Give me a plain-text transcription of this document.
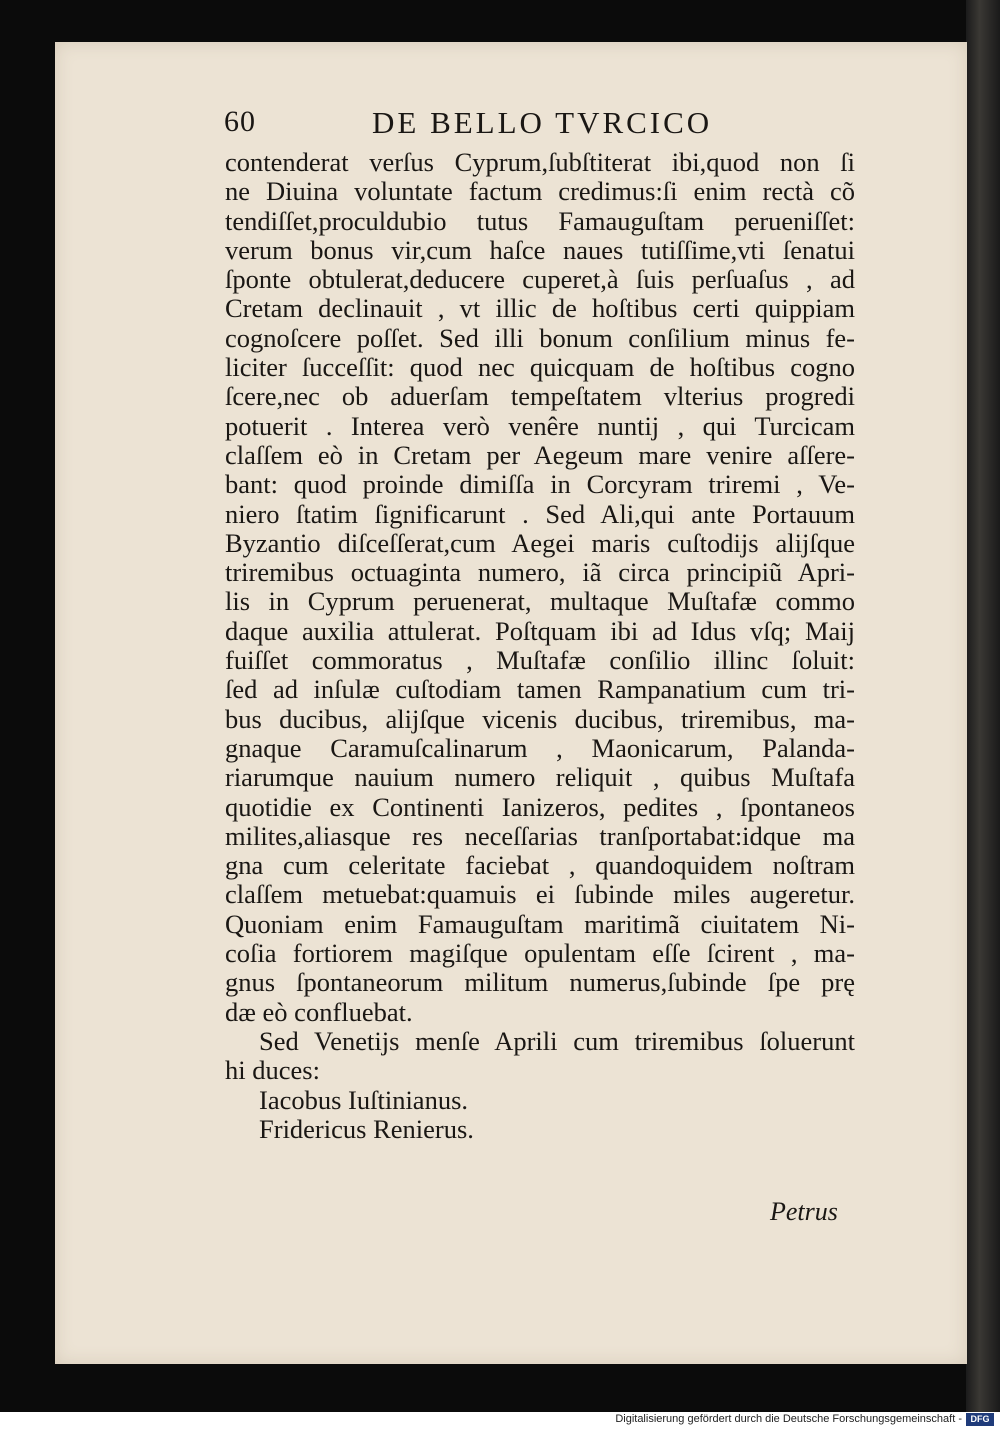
60	DE BELLO TVRCICO
contenderat verſus Cyprum,ſubſtiterat ibi,quod non ſi
ne Diuina voluntate factum credimus:ſi enim rectà cõ
tendiſſet,proculdubio tutus Famauguſtam perueniſſet:
verum bonus vir,cum haſce naues tutiſſime,vti ſenatui
ſponte obtulerat,deducere cuperet,à ſuis perſuaſus , ad
Cretam declinauit , vt illic de hoſtibus certi quippiam
cognoſcere poſſet. Sed illi bonum conſilium minus fe-
liciter ſucceſſit: quod nec quicquam de hoſtibus cogno
ſcere,nec ob aduerſam tempeſtatem vlterius progredi
potuerit . Interea verò venêre nuntij , qui Turcicam
claſſem eò in Cretam per Aegeum mare venire aſſere-
bant: quod proinde dimiſſa in Corcyram triremi , Ve-
niero ſtatim ſignificarunt . Sed Ali,qui ante Portauum
Byzantio diſceſſerat,cum Aegei maris cuſtodijs alijſque
triremibus octuaginta numero, iã circa principiũ Apri-
lis in Cyprum peruenerat, multaque Muſtafæ commo
daque auxilia attulerat. Poſtquam ibi ad Idus vſq; Maij
fuiſſet commoratus , Muſtafæ conſilio illinc ſoluit:
ſed ad inſulæ cuſtodiam tamen Rampanatium cum tri-
bus ducibus, alijſque vicenis ducibus, triremibus, ma-
gnaque Caramuſcalinarum , Maonicarum, Palanda-
riarumque nauium numero reliquit , quibus Muſtafa
quotidie ex Continenti Ianizeros, pedites , ſpontaneos
milites,aliasque res neceſſarias tranſportabat:idque ma
gna cum celeritate faciebat , quandoquidem noſtram
claſſem metuebat:quamuis ei ſubinde miles augeretur.
Quoniam enim Famauguſtam maritimã ciuitatem Ni-
coſia fortiorem magiſque opulentam eſſe ſcirent , ma-
gnus ſpontaneorum militum numerus,ſubinde ſpe prę
dæ eò confluebat.
Sed Venetijs menſe Aprili cum triremibus ſoluerunt
hi duces:
Iacobus Iuſtinianus.
Fridericus Renierus.
Petrus
Digitalisierung gefördert durch die Deutsche Forschungsgemeinschaft - DFG
